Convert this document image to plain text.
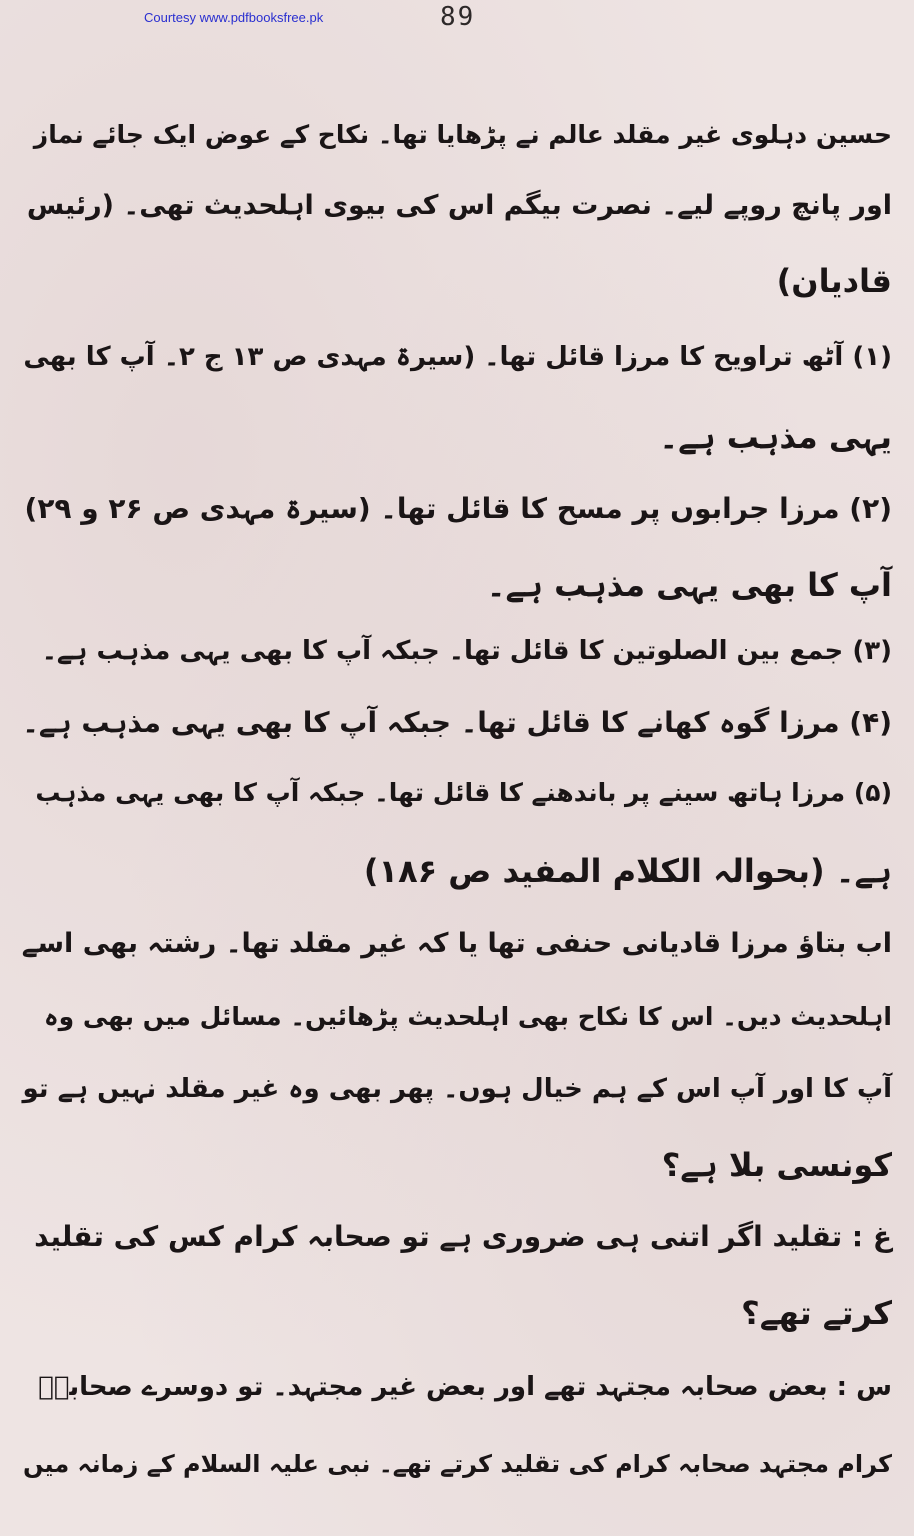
Courtesy www.pdfbooksfree.pk	89
حسین دہلوی غیر مقلد عالم نے پڑھایا تھا۔ نکاح کے عوض ایک جائے نماز
اور پانچ روپے لیے۔ نصرت بیگم اس کی بیوی اہلحدیث تھی۔ (رئیس
قادیان)
(۱) آٹھ تراویح کا مرزا قائل تھا۔ (سیرۃ مہدی ص ۱۳ ج ۲۔ آپ کا بھی
یہی مذہب ہے۔
(۲) مرزا جرابوں پر مسح کا قائل تھا۔ (سیرۃ مہدی ص ۲۶ و ۲۹)
آپ کا بھی یہی مذہب ہے۔
(۳) جمع بین الصلوتین کا قائل تھا۔ جبکہ آپ کا بھی یہی مذہب ہے۔
(۴) مرزا گوہ کھانے کا قائل تھا۔ جبکہ آپ کا بھی یہی مذہب ہے۔
(۵) مرزا ہاتھ سینے پر باندھنے کا قائل تھا۔ جبکہ آپ کا بھی یہی مذہب
ہے۔ (بحوالہ الکلام المفید ص ۱۸۶)
اب بتاؤ مرزا قادیانی حنفی تھا یا کہ غیر مقلد تھا۔ رشتہ بھی اسے
اہلحدیث دیں۔ اس کا نکاح بھی اہلحدیث پڑھائیں۔ مسائل میں بھی وہ
آپ کا اور آپ اس کے ہم خیال ہوں۔ پھر بھی وہ غیر مقلد نہیں ہے تو
کونسی بلا ہے؟
غ : تقلید اگر اتنی ہی ضروری ہے تو صحابہ کرام کس کی تقلید
کرتے تھے؟
س : بعض صحابہ مجتہد تھے اور بعض غیر مجتہد۔ تو دوسرے صحابہؓ
کرام مجتہد صحابہ کرام کی تقلید کرتے تھے۔ نبی علیہ السلام کے زمانہ میں
